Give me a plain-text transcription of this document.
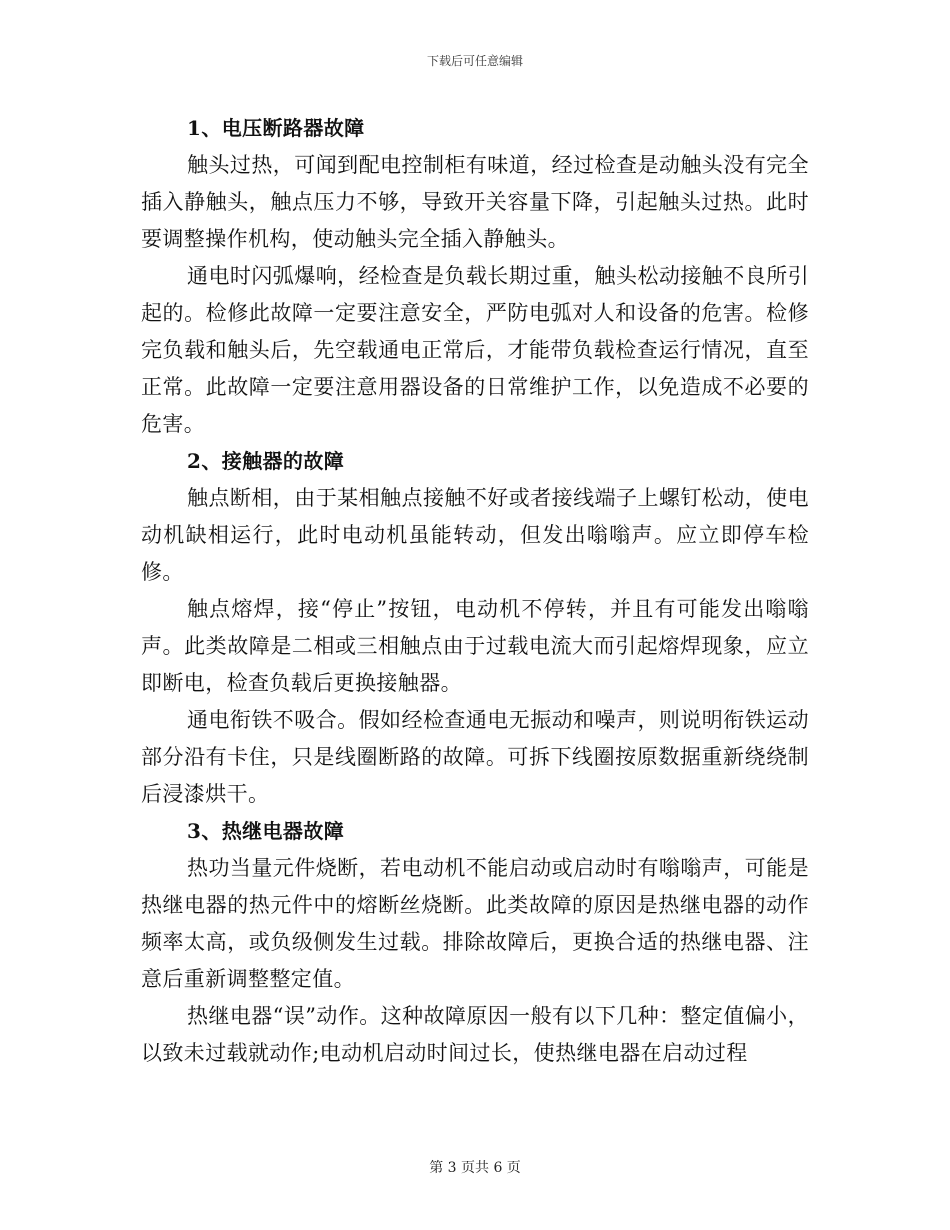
下载后可任意编辑
1、电压断路器故障

触头过热，可闻到配电控制柜有味道，经过检查是动触头没有完全插入静触头，触点压力不够，导致开关容量下降，引起触头过热。此时要调整操作机构，使动触头完全插入静触头。

通电时闪弧爆响，经检查是负载长期过重，触头松动接触不良所引起的。检修此故障一定要注意安全，严防电弧对人和设备的危害。检修完负载和触头后，先空载通电正常后，才能带负载检查运行情况，直至正常。此故障一定要注意用器设备的日常维护工作，以免造成不必要的危害。

2、接触器的故障

触点断相，由于某相触点接触不好或者接线端子上螺钉松动，使电动机缺相运行，此时电动机虽能转动，但发出嗡嗡声。应立即停车检修。

触点熔焊，接“停止”按钮，电动机不停转，并且有可能发出嗡嗡声。此类故障是二相或三相触点由于过载电流大而引起熔焊现象，应立即断电，检查负载后更换接触器。

通电衔铁不吸合。假如经检查通电无振动和噪声，则说明衔铁运动部分沿有卡住，只是线圈断路的故障。可拆下线圈按原数据重新绕绕制后浸漆烘干。

3、热继电器故障

热功当量元件烧断，若电动机不能启动或启动时有嗡嗡声，可能是热继电器的热元件中的熔断丝烧断。此类故障的原因是热继电器的动作频率太高，或负级侧发生过载。排除故障后，更换合适的热继电器、注意后重新调整整定值。

热继电器“误”动作。这种故障原因一般有以下几种：整定值偏小，以致未过载就动作;电动机启动时间过长，使热继电器在启动过程

第 3 页共 6 页
